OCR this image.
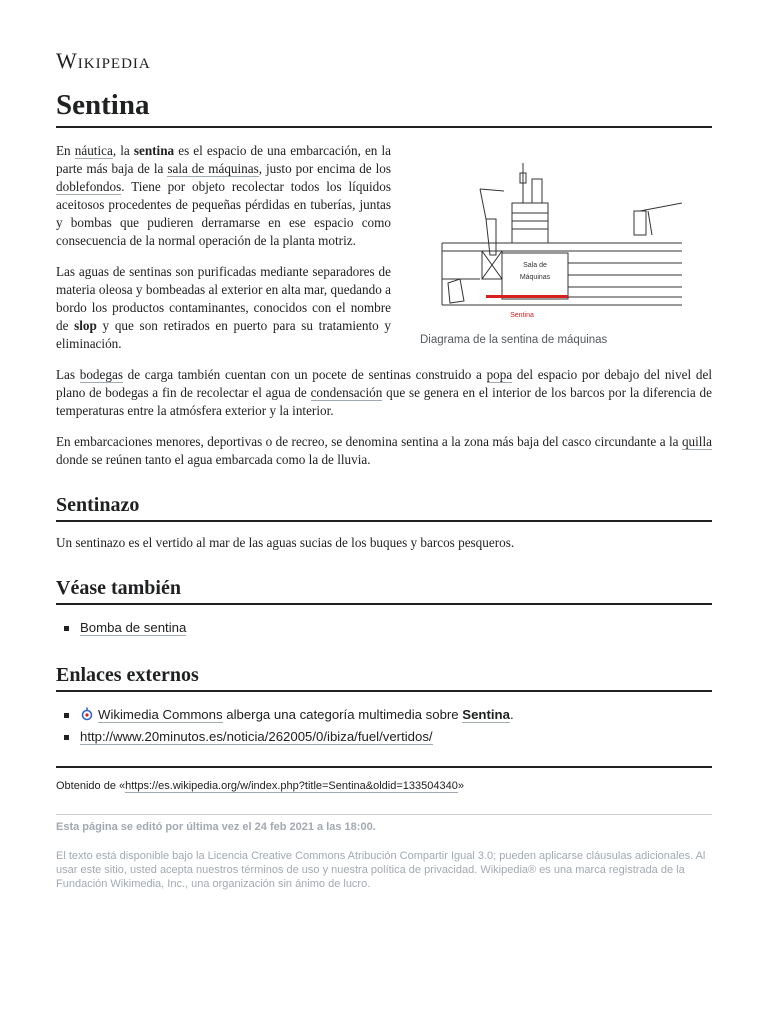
Wikipedia
Sentina
Sala de
Máquinas
Sentina
Diagrama de la sentina de máquinas

En náutica, la sentina es el espacio de una embarcación, en la parte más baja de la sala de máquinas, justo por encima de los doblefondos. Tiene por objeto recolectar todos los líquidos aceitosos procedentes de pequeñas pérdidas en tuberías, juntas y bombas que pudieren derramarse en ese espacio como consecuencia de la normal operación de la planta motriz.

Las aguas de sentinas son purificadas mediante separadores de materia oleosa y bombeadas al exterior en alta mar, quedando a bordo los productos contaminantes, conocidos con el nombre de slop y que son retirados en puerto para su tratamiento y eliminación.

Las bodegas de carga también cuentan con un pocete de sentinas construido a popa del espacio por debajo del nivel del plano de bodegas a fin de recolectar el agua de condensación que se genera en el interior de los barcos por la diferencia de temperaturas entre la atmósfera exterior y la interior.

En embarcaciones menores, deportivas o de recreo, se denomina sentina a la zona más baja del casco circundante a la quilla donde se reúnen tanto el agua embarcada como la de lluvia.

Sentinazo

Un sentinazo es el vertido al mar de las aguas sucias de los buques y barcos pesqueros.

Véase también
Bomba de sentina
Enlaces externos
Wikimedia Commons alberga una categoría multimedia sobre Sentina.
http://www.20minutos.es/noticia/262005/0/ibiza/fuel/vertidos/
Obtenido de «https://es.wikipedia.org/w/index.php?title=Sentina&oldid=133504340»
Esta página se editó por última vez el 24 feb 2021 a las 18:00.
El texto está disponible bajo la Licencia Creative Commons Atribución Compartir Igual 3.0; pueden aplicarse cláusulas adicionales. Al usar este sitio, usted acepta nuestros términos de uso y nuestra política de privacidad. Wikipedia® es una marca registrada de la Fundación Wikimedia, Inc., una organización sin ánimo de lucro.
